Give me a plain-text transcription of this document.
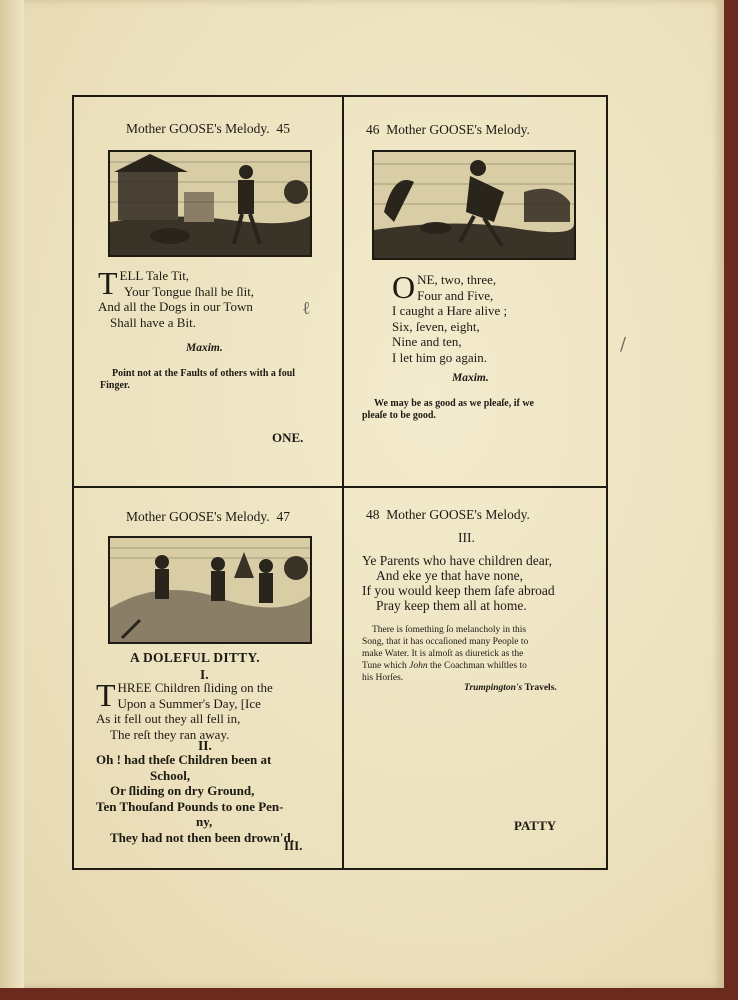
Mother GOOSE's Melody. 45
T ELL Tale Tit,
Your Tongue ſhall be ſlit,
And all the Dogs in our Town
Shall have a Bit.
Maxim.
Point not at the Faults of others with a foul
Finger.
ONE.
46 Mother GOOSE's Melody.
O NE, two, three,
Four and Five,
I caught a Hare alive ;
Six, ſeven, eight,
Nine and ten,
I let him go again.
Maxim.
We may be as good as we pleaſe, if we
pleaſe to be good.
Mother GOOSE's Melody. 47
A DOLEFUL DITTY.
I.
T HREE Children ſliding on the
Upon a Summer's Day, [Ice
As it fell out they all fell in,
The reſt they ran away.
II.
Oh ! had theſe Children been at
School,
Or ſliding on dry Ground,
Ten Thouſand Pounds to one Pen-
ny,
They had not then been drown'd.
III.
48 Mother GOOSE's Melody.
III.
Ye Parents who have children dear,
And eke ye that have none,
If you would keep them ſafe abroad
Pray keep them all at home.
There is ſomething ſo melancholy in this
Song, that it has occaſioned many People to
make Water. It is almoſt as diuretick as the
Tune which John the Coachman whiſtles to
his Horſes.
Trumpington's Travels.
PATTY
ℓ
∕
